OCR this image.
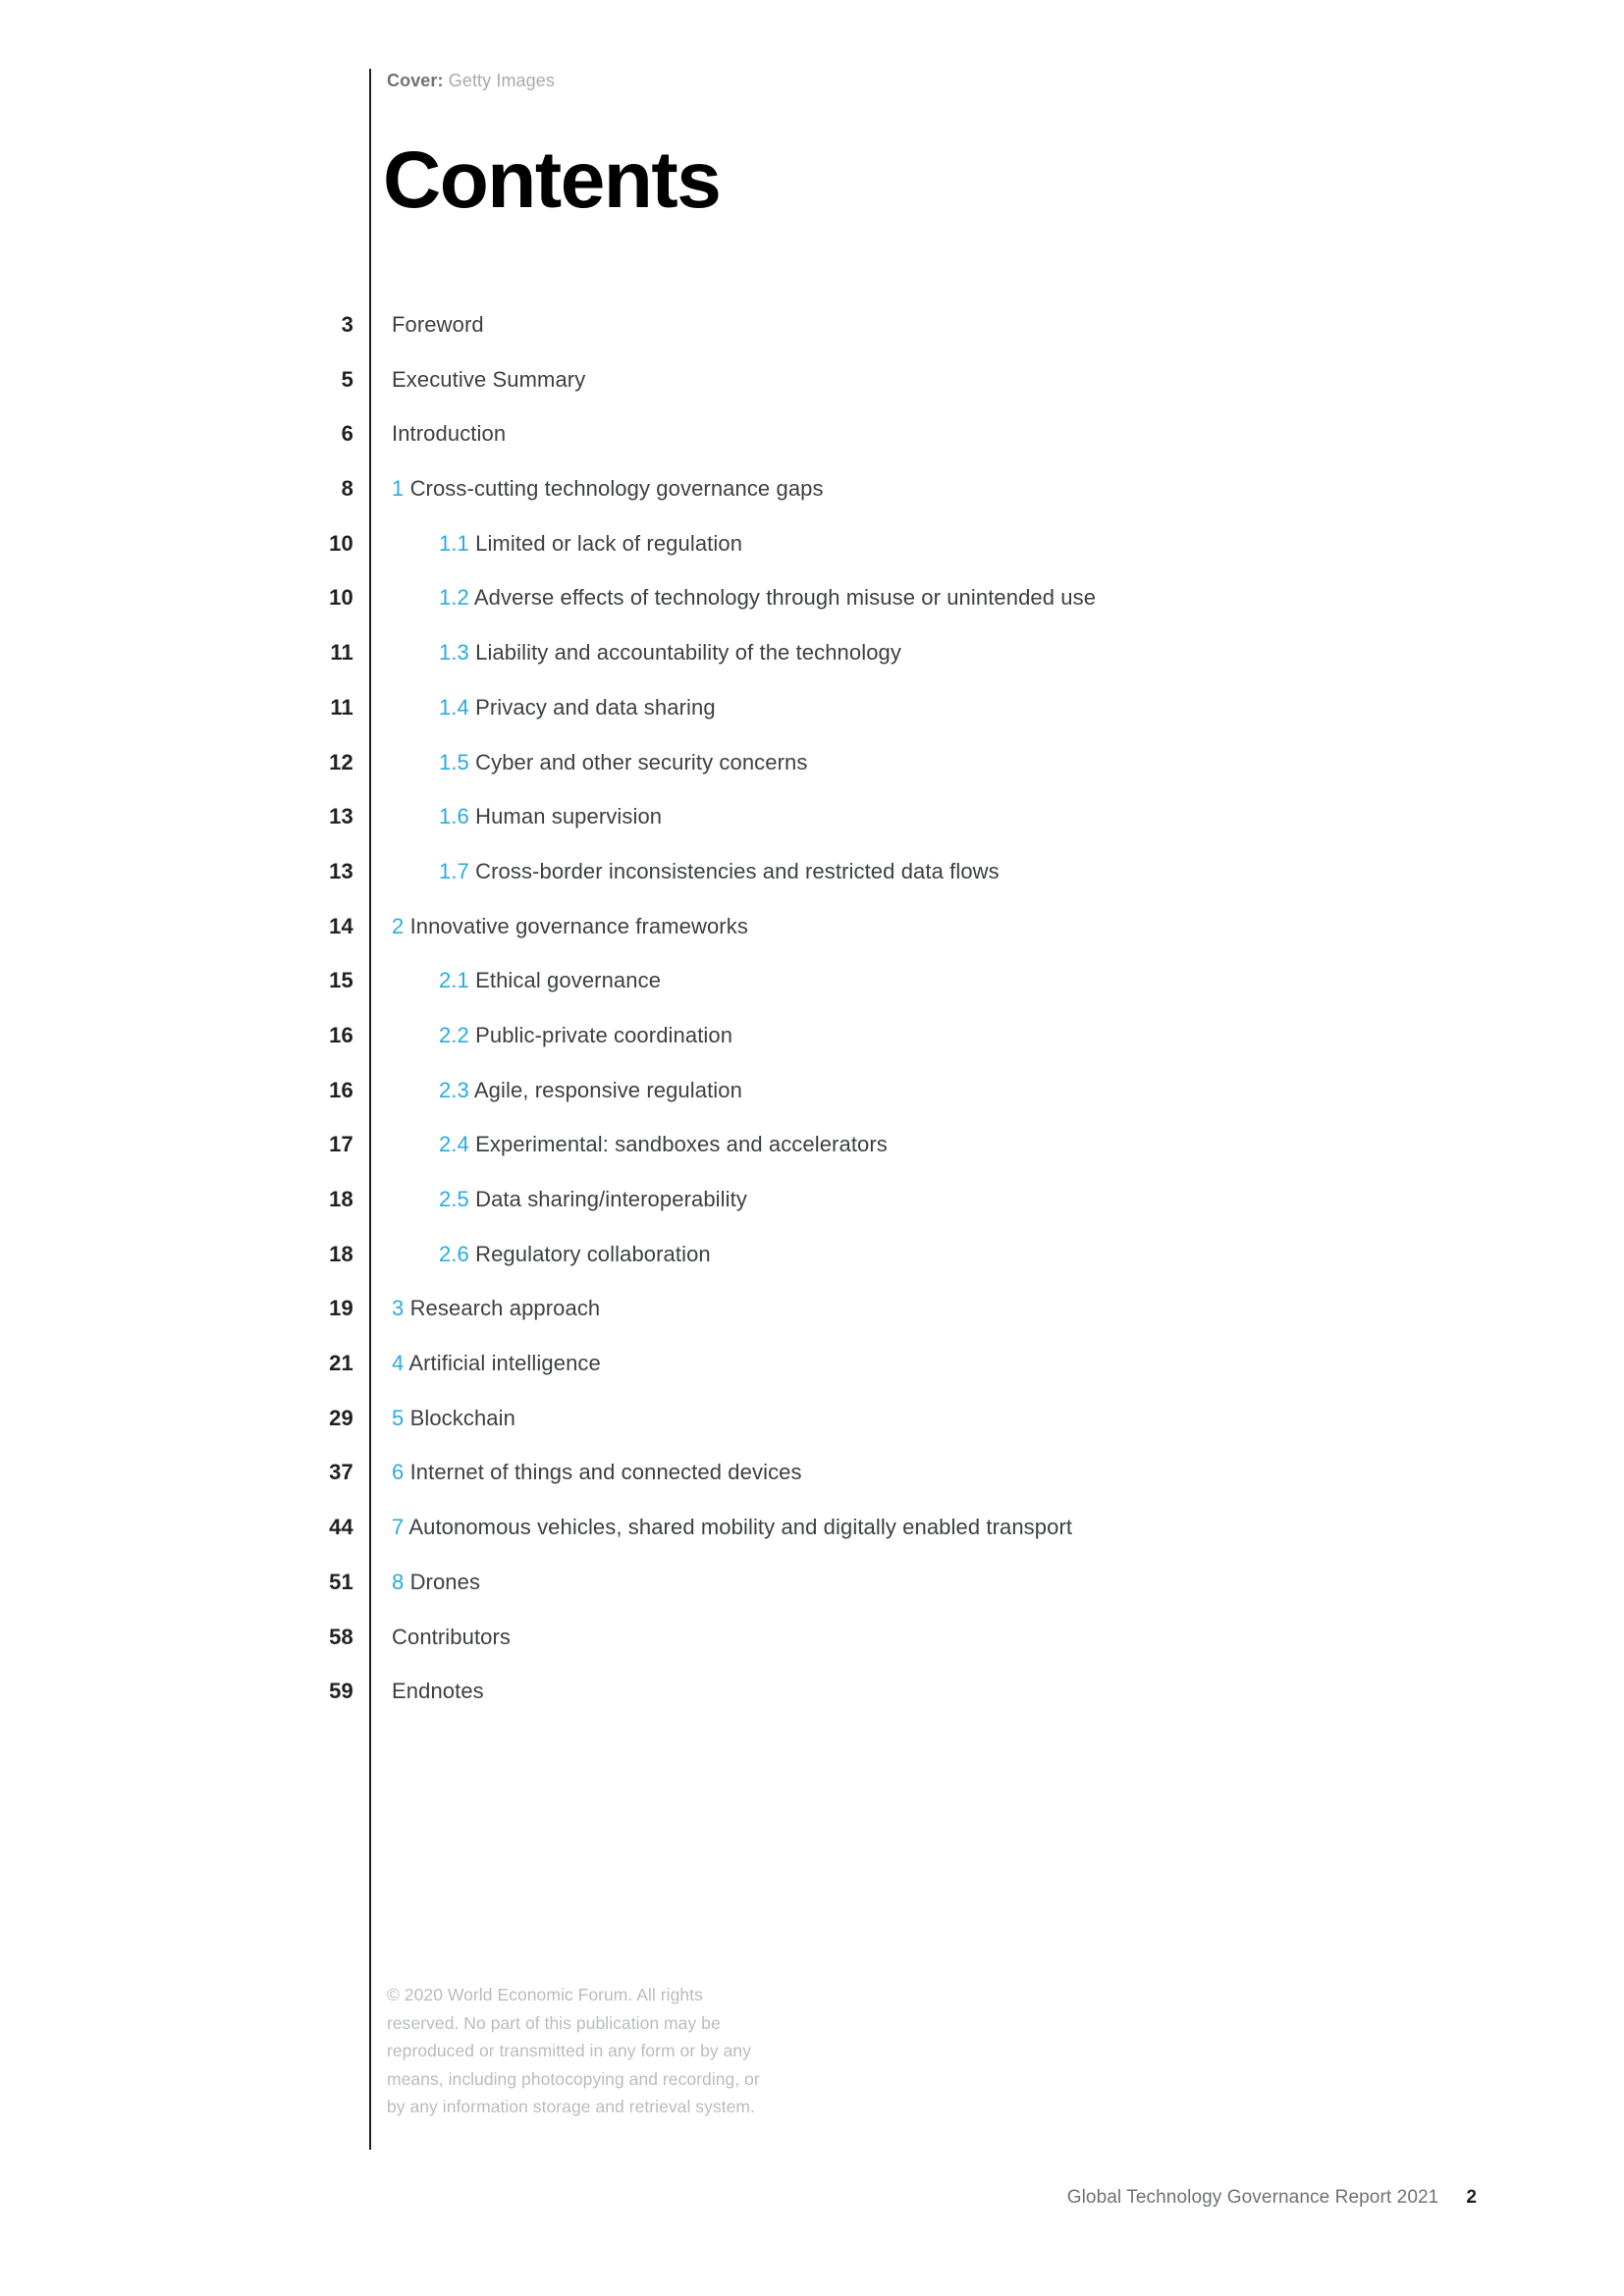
Cover: Getty Images
Contents
3 Foreword
5 Executive Summary
6 Introduction
8 1 Cross-cutting technology governance gaps
10	1.1 Limited or lack of regulation
10	1.2 Adverse effects of technology through misuse or unintended use
11	1.3 Liability and accountability of the technology
11	1.4 Privacy and data sharing
12	1.5 Cyber and other security concerns
13	1.6 Human supervision
13	1.7 Cross-border inconsistencies and restricted data flows
14 2 Innovative governance frameworks
15	2.1 Ethical governance
16	2.2 Public-private coordination
16	2.3 Agile, responsive regulation
17	2.4 Experimental: sandboxes and accelerators
18	2.5 Data sharing/interoperability
18	2.6 Regulatory collaboration
19 3 Research approach
21 4 Artificial intelligence
29 5 Blockchain
37 6 Internet of things and connected devices
44 7 Autonomous vehicles, shared mobility and digitally enabled transport
51 8 Drones
58 Contributors
59 Endnotes
© 2020 World Economic Forum. All rights reserved. No part of this publication may be reproduced or transmitted in any form or by any means, including photocopying and recording, or by any information storage and retrieval system.
Global Technology Governance Report 2021 2
